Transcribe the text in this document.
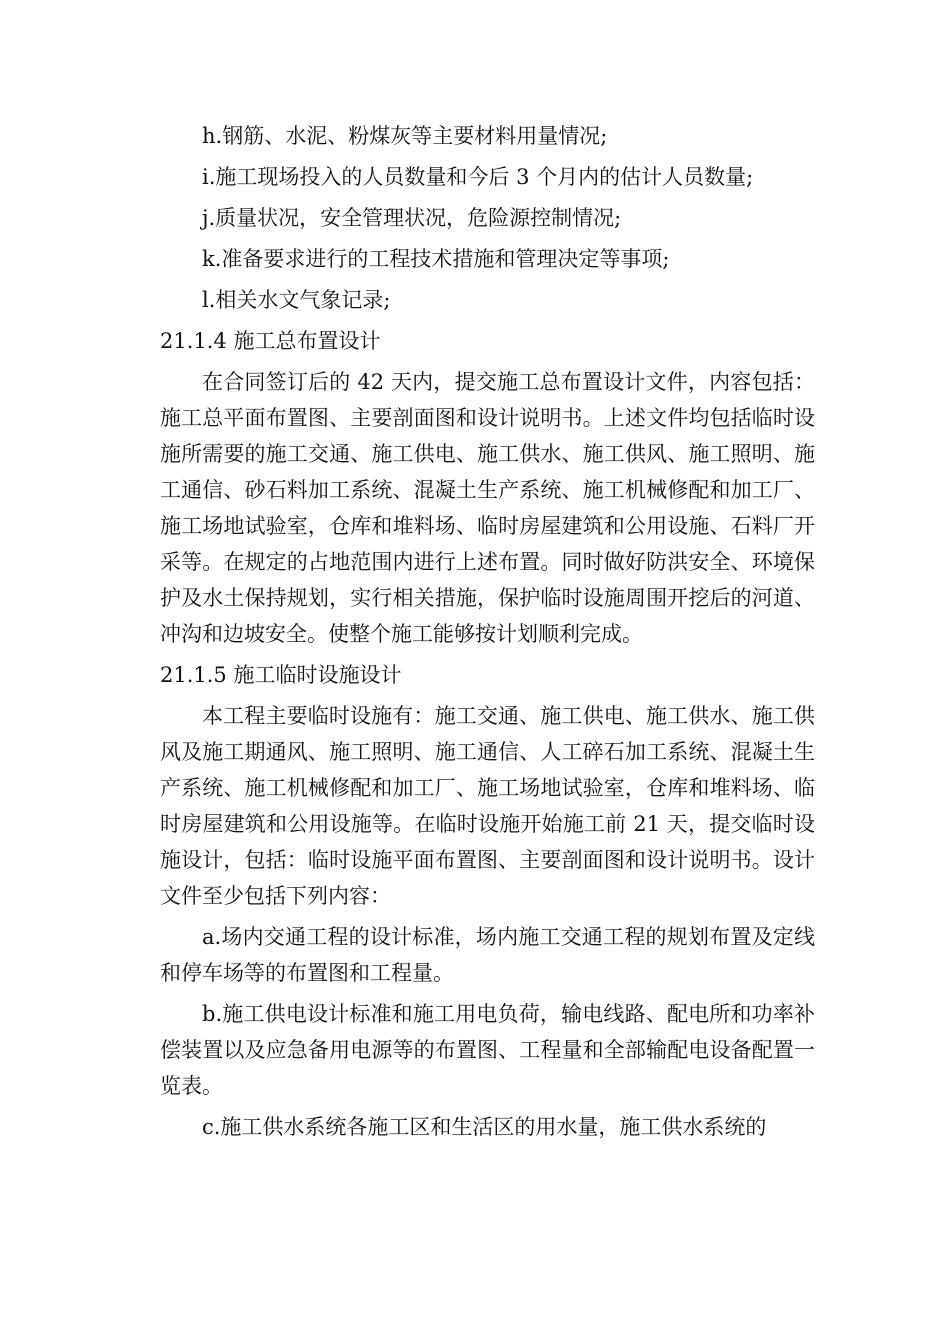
h.钢筋、水泥、粉煤灰等主要材料用量情况;

i.施工现场投入的人员数量和今后 3 个月内的估计人员数量;

j.质量状况，安全管理状况，危险源控制情况;

k.准备要求进行的工程技术措施和管理决定等事项;

l.相关水文气象记录;

21.1.4 施工总布置设计

在合同签订后的 42 天内，提交施工总布置设计文件，内容包括：施工总平面布置图、主要剖面图和设计说明书。上述文件均包括临时设施所需要的施工交通、施工供电、施工供水、施工供风、施工照明、施工通信、砂石料加工系统、混凝土生产系统、施工机械修配和加工厂、施工场地试验室，仓库和堆料场、临时房屋建筑和公用设施、石料厂开采等。在规定的占地范围内进行上述布置。同时做好防洪安全、环境保护及水土保持规划，实行相关措施，保护临时设施周围开挖后的河道、冲沟和边坡安全。使整个施工能够按计划顺利完成。

21.1.5 施工临时设施设计

本工程主要临时设施有：施工交通、施工供电、施工供水、施工供风及施工期通风、施工照明、施工通信、人工碎石加工系统、混凝土生产系统、施工机械修配和加工厂、施工场地试验室，仓库和堆料场、临时房屋建筑和公用设施等。在临时设施开始施工前 21 天，提交临时设施设计，包括：临时设施平面布置图、主要剖面图和设计说明书。设计文件至少包括下列内容：

a.场内交通工程的设计标准，场内施工交通工程的规划布置及定线和停车场等的布置图和工程量。

b.施工供电设计标准和施工用电负荷，输电线路、配电所和功率补偿装置以及应急备用电源等的布置图、工程量和全部输配电设备配置一览表。

c.施工供水系统各施工区和生活区的用水量，施工供水系统的
